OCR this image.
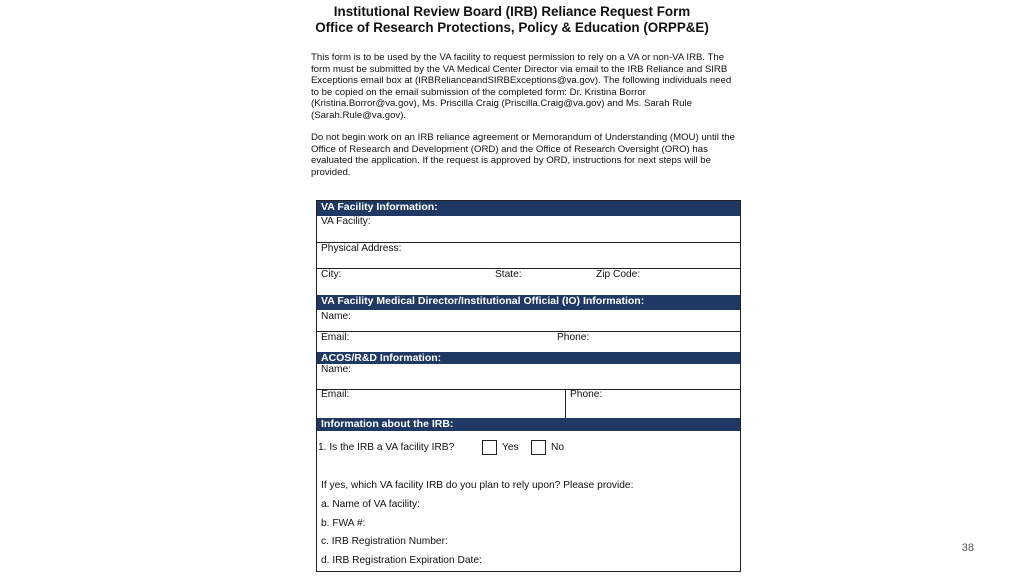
Institutional Review Board (IRB) Reliance Request Form
Office of Research Protections, Policy & Education (ORPP&E)

This form is to be used by the VA facility to request permission to rely on a VA or non-VA IRB. The form must be submitted by the VA Medical Center Director via email to the IRB Reliance and SIRB Exceptions email box at (IRBRelianceandSIRBExceptions@va.gov). The following individuals need to be copied on the email submission of the completed form: Dr. Kristina Borror (Kristina.Borror@va.gov), Ms. Priscilla Craig (Priscilla.Craig@va.gov) and Ms. Sarah Rule (Sarah.Rule@va.gov).

Do not begin work on an IRB reliance agreement or Memorandum of Understanding (MOU) until the Office of Research and Development (ORD) and the Office of Research Oversight (ORO) has evaluated the application. If the request is approved by ORD, instructions for next steps will be provided.

VA Facility Information:
VA Facility:
Physical Address:
City:	State:	Zip Code:
VA Facility Medical Director/Institutional Official (IO) Information:
Name:
Email:	Phone:
ACOS/R&D Information:
Name:
Email:	Phone:
Information about the IRB:
1. Is the IRB a VA facility IRB?	Yes	No
If yes, which VA facility IRB do you plan to rely upon? Please provide:
a. Name of VA facility:
b. FWA #:
c. IRB Registration Number:
d. IRB Registration Expiration Date:
38
